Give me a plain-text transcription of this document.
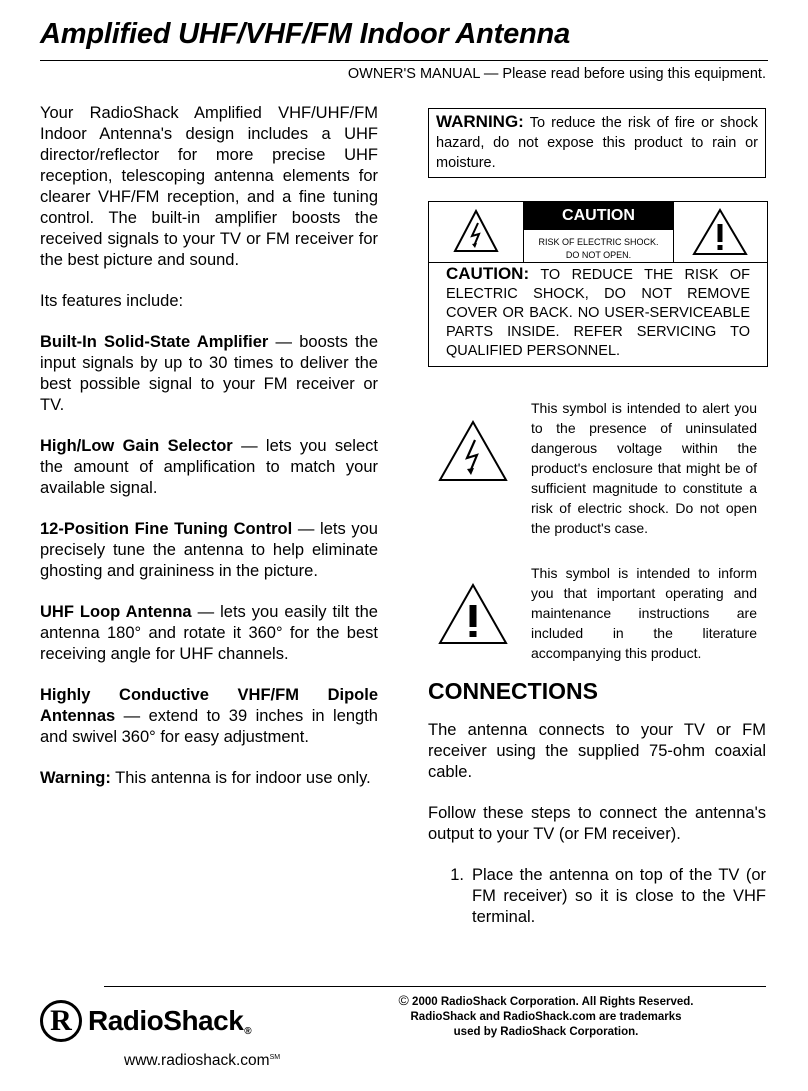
Amplified UHF/VHF/FM Indoor Antenna
OWNER'S MANUAL — Please read before using this equipment.

Your RadioShack Amplified VHF/UHF/FM Indoor Antenna's design includes a UHF director/reflector for more precise UHF reception, telescoping antenna elements for clearer VHF/FM reception, and a fine tuning control. The built-in amplifier boosts the received signals to your TV or FM receiver for the best picture and sound.

Its features include:

Built-In Solid-State Amplifier — boosts the input signals by up to 30 times to deliver the best possible signal to your FM receiver or TV.

High/Low Gain Selector — lets you select the amount of amplification to match your available signal.

12-Position Fine Tuning Control — lets you precisely tune the antenna to help eliminate ghosting and graininess in the picture.

UHF Loop Antenna — lets you easily tilt the antenna 180° and rotate it 360° for the best receiving angle for UHF channels.

Highly Conductive VHF/FM Dipole Antennas — extend to 39 inches in length and swivel 360° for easy adjustment.

Warning: This antenna is for indoor use only.

WARNING: To reduce the risk of fire or shock hazard, do not expose this product to rain or moisture.
CAUTION
RISK OF ELECTRIC SHOCK.
DO NOT OPEN.
CAUTION: TO REDUCE THE RISK OF ELECTRIC SHOCK, DO NOT REMOVE COVER OR BACK. NO USER-SERVICEABLE PARTS INSIDE. REFER SERVICING TO QUALIFIED PERSONNEL.
This symbol is intended to alert you to the presence of uninsulated dangerous voltage within the product's enclosure that might be of sufficient magnitude to constitute a risk of electric shock. Do not open the product's case.
This symbol is intended to inform you that important operating and maintenance instructions are included in the literature accompanying this product.
CONNECTIONS

The antenna connects to your TV or FM receiver using the supplied 75-ohm coaxial cable.

Follow these steps to connect the antenna's output to your TV (or FM receiver).

1. Place the antenna on top of the TV (or FM receiver) so it is close to the VHF terminal.
R RadioShack®
www.radioshack.com℠
© 2000 RadioShack Corporation. All Rights Reserved.
RadioShack and RadioShack.com are trademarks
used by RadioShack Corporation.
